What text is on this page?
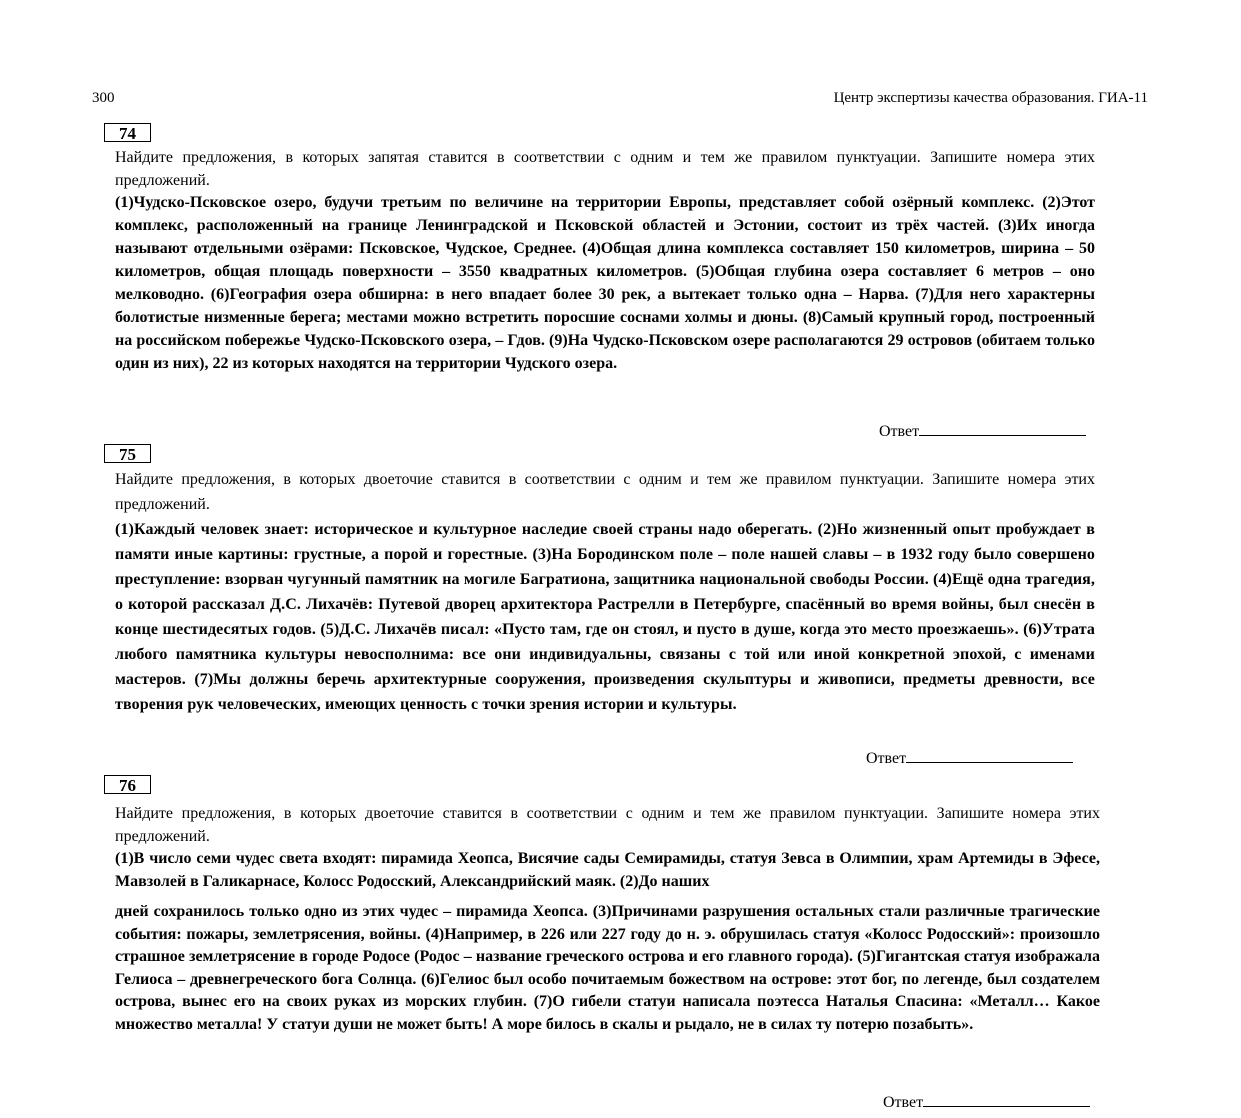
300	Центр экспертизы качества образования. ГИА-11
74
Найдите предложения, в которых запятая ставится в соответствии с одним и тем же правилом пунктуации. Запишите номера этих предложений.
(1)Чудско-Псковское озеро, будучи третьим по величине на территории Европы, представляет собой озёрный комплекс. (2)Этот комплекс, расположенный на границе Ленинградской и Псковской областей и Эстонии, состоит из трёх частей. (3)Их иногда называют отдельными озёрами: Псковское, Чудское, Среднее. (4)Общая длина комплекса составляет 150 километров, ширина – 50 километров, общая площадь поверхности – 3550 квадратных километров. (5)Общая глубина озера составляет 6 метров – оно мелководно. (6)География озера обширна: в него впадает более 30 рек, а вытекает только одна – Нарва. (7)Для него характерны болотистые низменные берега; местами можно встретить поросшие соснами холмы и дюны. (8)Самый крупный город, построенный на российском побережье Чудско-Псковского озера, – Гдов. (9)На Чудско-Псковском озере располагаются 29 островов (обитаем только один из них), 22 из которых находятся на территории Чудского озера.
Ответ
75
Найдите предложения, в которых двоеточие ставится в соответствии с одним и тем же правилом пунктуации. Запишите номера этих предложений.
(1)Каждый человек знает: историческое и культурное наследие своей страны надо оберегать. (2)Но жизненный опыт пробуждает в памяти иные картины: грустные, а порой и горестные. (3)На Бородинском поле – поле нашей славы – в 1932 году было совершено преступление: взорван чугунный памятник на могиле Багратиона, защитника национальной свободы России. (4)Ещё одна трагедия, о которой рассказал Д.С. Лихачёв: Путевой дворец архитектора Растрелли в Петербурге, спасённый во время войны, был снесён в конце шестидесятых годов. (5)Д.С. Лихачёв писал: «Пусто там, где он стоял, и пусто в душе, когда это место проезжаешь». (6)Утрата любого памятника культуры невосполнима: все они индивидуальны, связаны с той или иной конкретной эпохой, с именами мастеров. (7)Мы должны беречь архитектурные сооружения, произведения скульптуры и живописи, предметы древности, все творения рук человеческих, имеющих ценность с точки зрения истории и культуры.
Ответ
76
Найдите предложения, в которых двоеточие ставится в соответствии с одним и тем же правилом пунктуации. Запишите номера этих предложений.
(1)В число семи чудес света входят: пирамида Хеопса, Висячие сады Семирамиды, статуя Зевса в Олимпии, храм Артемиды в Эфесе, Мавзолей в Галикарнасе, Колосс Родосский, Александрийский маяк. (2)До наших
дней сохранилось только одно из этих чудес – пирамида Хеопса. (3)Причинами разрушения остальных стали различные трагические события: пожары, землетрясения, войны. (4)Например, в 226 или 227 году до н. э. обрушилась статуя «Колосс Родосский»: произошло страшное землетрясение в городе Родосе (Родос – название греческого острова и его главного города). (5)Гигантская статуя изображала Гелиоса – древнегреческого бога Солнца. (6)Гелиос был особо почитаемым божеством на острове: этот бог, по легенде, был создателем острова, вынес его на своих руках из морских глубин. (7)О гибели статуи написала поэтесса Наталья Спасина: «Металл… Какое множество металла! У статуи души не может быть! А море билось в скалы и рыдало, не в силах ту потерю позабыть».
Ответ
